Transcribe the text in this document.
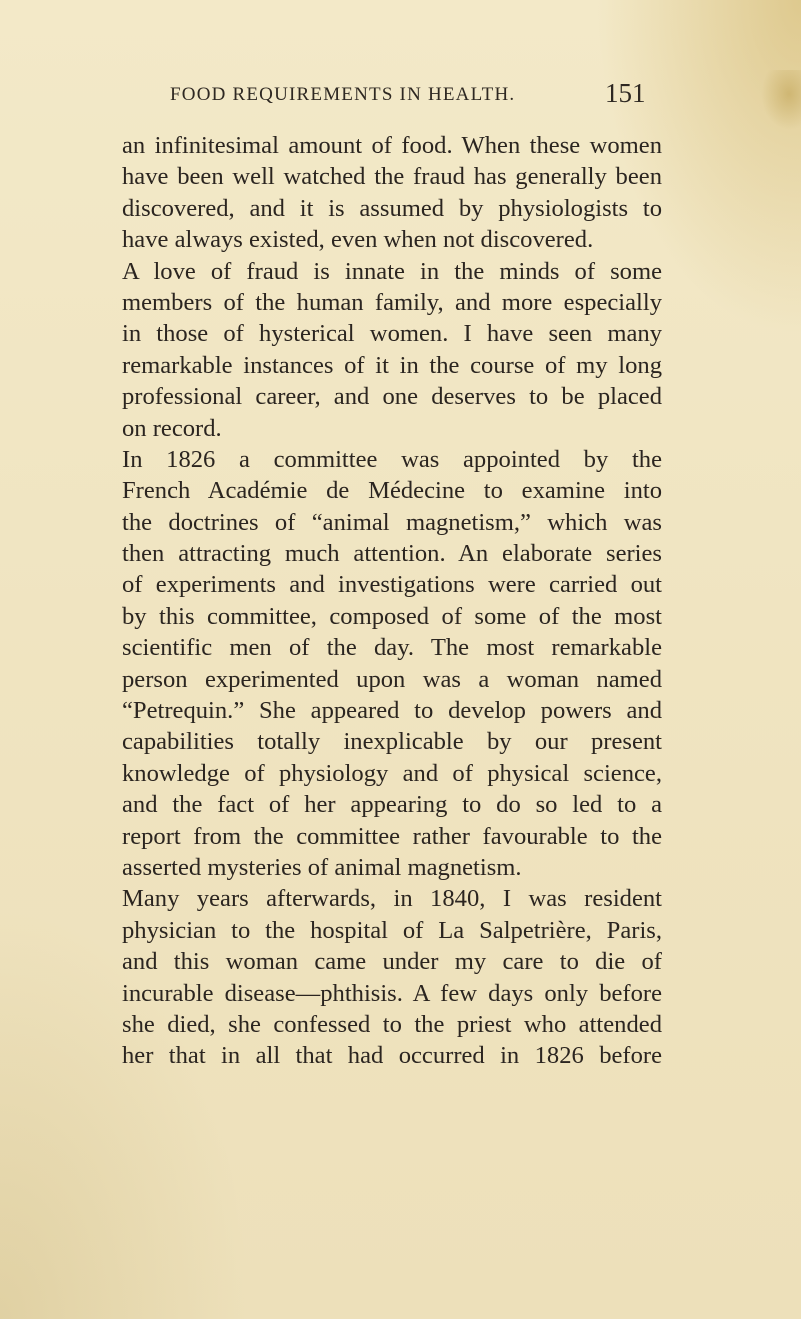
FOOD REQUIREMENTS IN HEALTH.	151
an infinitesimal amount of food. When these women
have been well watched the fraud has generally been
discovered, and it is assumed by physiologists to
have always existed, even when not discovered.
A love of fraud is innate in the minds of some
members of the human family, and more especially
in those of hysterical women. I have seen many
remarkable instances of it in the course of my long
professional career, and one deserves to be placed
on record.
In 1826 a committee was appointed by the
French Académie de Médecine to examine into
the doctrines of “animal magnetism,” which was
then attracting much attention. An elaborate series
of experiments and investigations were carried out
by this committee, composed of some of the most
scientific men of the day. The most remarkable
person experimented upon was a woman named
“Petrequin.” She appeared to develop powers and
capabilities totally inexplicable by our present
knowledge of physiology and of physical science,
and the fact of her appearing to do so led to a
report from the committee rather favourable to the
asserted mysteries of animal magnetism.
Many years afterwards, in 1840, I was resident
physician to the hospital of La Salpetrière, Paris,
and this woman came under my care to die of
incurable disease—phthisis. A few days only before
she died, she confessed to the priest who attended
her that in all that had occurred in 1826 before
